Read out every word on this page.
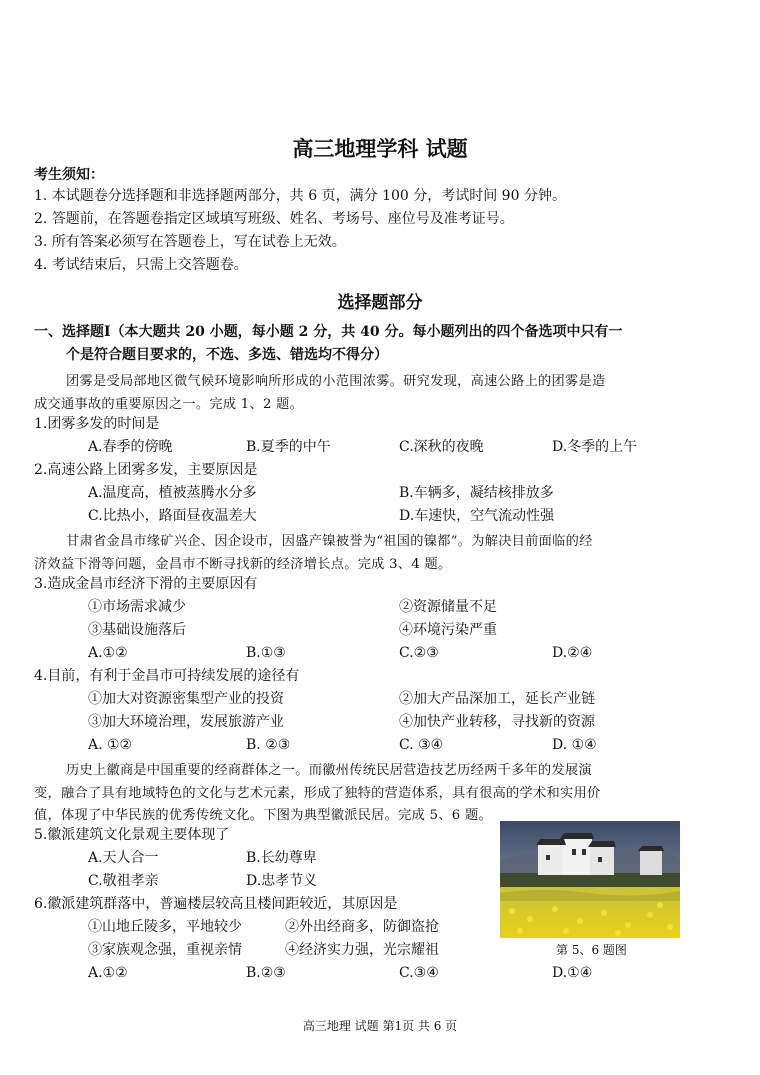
高三地理学科 试题
考生须知：
1. 本试题卷分选择题和非选择题两部分，共 6 页，满分 100 分，考试时间 90 分钟。
2. 答题前，在答题卷指定区域填写班级、姓名、考场号、座位号及准考证号。
3. 所有答案必须写在答题卷上，写在试卷上无效。
4. 考试结束后，只需上交答题卷。
选择题部分
一、选择题Ⅰ（本大题共 20 小题，每小题 2 分，共 40 分。每小题列出的四个备选项中只有一
个是符合题目要求的，不选、多选、错选均不得分）
团雾是受局部地区微气候环境影响所形成的小范围浓雾。研究发现，高速公路上的团雾是造
成交通事故的重要原因之一。完成 1、2 题。
1.团雾多发的时间是
A.春季的傍晚	B.夏季的中午	C.深秋的夜晚	D.冬季的上午
2.高速公路上团雾多发，主要原因是
A.温度高，植被蒸腾水分多	B.车辆多，凝结核排放多
C.比热小，路面昼夜温差大	D.车速快，空气流动性强
甘肃省金昌市缘矿兴企、因企设市，因盛产镍被誉为“祖国的镍都”。为解决目前面临的经
济效益下滑等问题，金昌市不断寻找新的经济增长点。完成 3、4 题。
3.造成金昌市经济下滑的主要原因有
①市场需求减少	②资源储量不足
③基础设施落后	④环境污染严重
A.①②	B.①③	C.②③	D.②④
4.目前，有利于金昌市可持续发展的途径有
①加大对资源密集型产业的投资	②加大产品深加工，延长产业链
③加大环境治理，发展旅游产业	④加快产业转移，寻找新的资源
A. ①②	B. ②③	C. ③④	D. ①④
历史上徽商是中国重要的经商群体之一。而徽州传统民居营造技艺历经两千多年的发展演
变，融合了具有地域特色的文化与艺术元素，形成了独特的营造体系，具有很高的学术和实用价
值，体现了中华民族的优秀传统文化。下图为典型徽派民居。完成 5、6 题。
5.徽派建筑文化景观主要体现了
A.天人合一	B.长幼尊卑
C.敬祖孝亲	D.忠孝节义
6.徽派建筑群落中，普遍楼层较高且楼间距较近，其原因是
①山地丘陵多，平地较少	②外出经商多，防御盗抢
③家族观念强，重视亲情	④经济实力强，光宗耀祖
A.①②	B.②③	C.③④	D.①④
第 5、6 题图
高三地理 试题 第1页 共 6 页
